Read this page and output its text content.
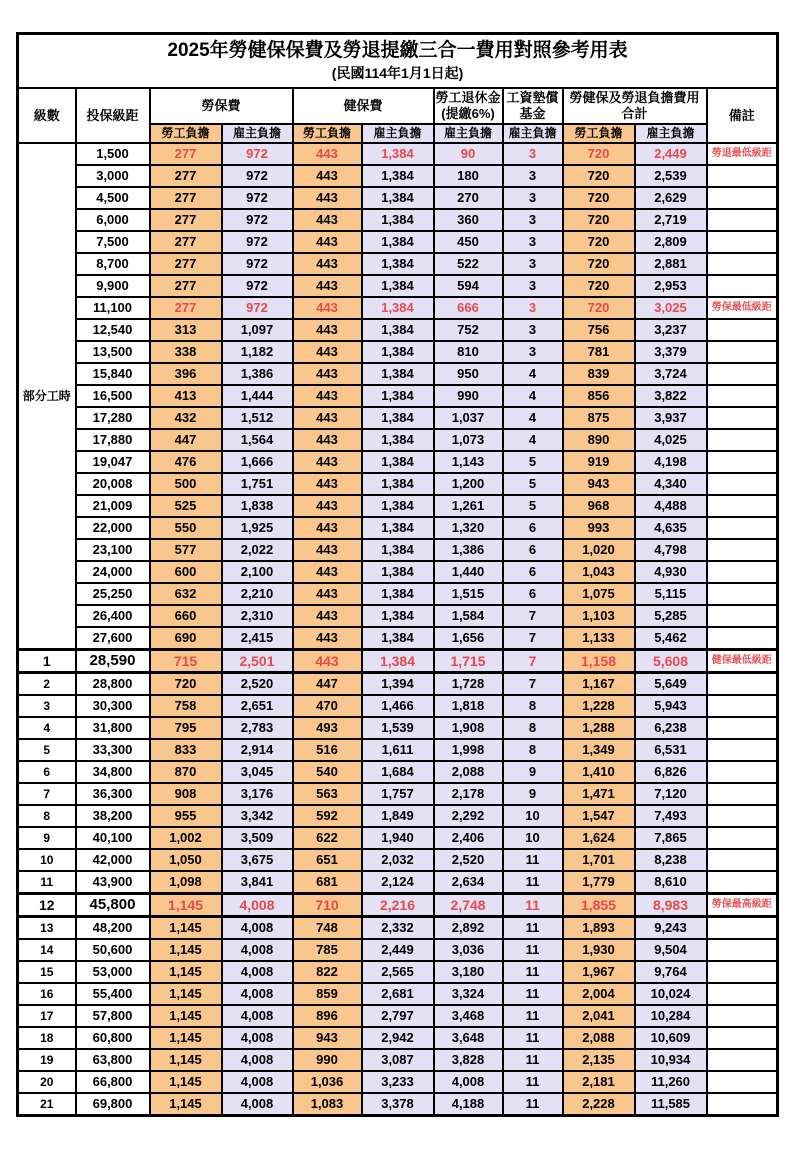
2025年勞健保保費及勞退提繳三合一費用對照參考用表
(民國114年1月1日起)										

級數	投保級距	勞保費		健保費		勞工退休金(提繳6%)	工資墊償基金	勞健保及勞退負擔費用合計		備註
		勞工負擔	雇主負擔	勞工負擔	雇主負擔	雇主負擔	雇主負擔	勞工負擔	雇主負擔	
部分工時	1,500	277	972	443	1,384	90	3	720	2,449	勞退最低級距
	3,000	277	972	443	1,384	180	3	720	2,539	
	4,500	277	972	443	1,384	270	3	720	2,629	
	6,000	277	972	443	1,384	360	3	720	2,719	
	7,500	277	972	443	1,384	450	3	720	2,809	
	8,700	277	972	443	1,384	522	3	720	2,881	
	9,900	277	972	443	1,384	594	3	720	2,953	
	11,100	277	972	443	1,384	666	3	720	3,025	勞保最低級距
	12,540	313	1,097	443	1,384	752	3	756	3,237	
	13,500	338	1,182	443	1,384	810	3	781	3,379	
	15,840	396	1,386	443	1,384	950	4	839	3,724	
	16,500	413	1,444	443	1,384	990	4	856	3,822	
	17,280	432	1,512	443	1,384	1,037	4	875	3,937	
	17,880	447	1,564	443	1,384	1,073	4	890	4,025	
	19,047	476	1,666	443	1,384	1,143	5	919	4,198	
	20,008	500	1,751	443	1,384	1,200	5	943	4,340	
	21,009	525	1,838	443	1,384	1,261	5	968	4,488	
	22,000	550	1,925	443	1,384	1,320	6	993	4,635	
	23,100	577	2,022	443	1,384	1,386	6	1,020	4,798	
	24,000	600	2,100	443	1,384	1,440	6	1,043	4,930	
	25,250	632	2,210	443	1,384	1,515	6	1,075	5,115	
	26,400	660	2,310	443	1,384	1,584	7	1,103	5,285	
	27,600	690	2,415	443	1,384	1,656	7	1,133	5,462	
1	28,590	715	2,501	443	1,384	1,715	7	1,158	5,608	健保最低級距
2	28,800	720	2,520	447	1,394	1,728	7	1,167	5,649	
3	30,300	758	2,651	470	1,466	1,818	8	1,228	5,943	
4	31,800	795	2,783	493	1,539	1,908	8	1,288	6,238	
5	33,300	833	2,914	516	1,611	1,998	8	1,349	6,531	
6	34,800	870	3,045	540	1,684	2,088	9	1,410	6,826	
7	36,300	908	3,176	563	1,757	2,178	9	1,471	7,120	
8	38,200	955	3,342	592	1,849	2,292	10	1,547	7,493	
9	40,100	1,002	3,509	622	1,940	2,406	10	1,624	7,865	
10	42,000	1,050	3,675	651	2,032	2,520	11	1,701	8,238	
11	43,900	1,098	3,841	681	2,124	2,634	11	1,779	8,610	
12	45,800	1,145	4,008	710	2,216	2,748	11	1,855	8,983	勞保最高級距
13	48,200	1,145	4,008	748	2,332	2,892	11	1,893	9,243	
14	50,600	1,145	4,008	785	2,449	3,036	11	1,930	9,504	
15	53,000	1,145	4,008	822	2,565	3,180	11	1,967	9,764	
16	55,400	1,145	4,008	859	2,681	3,324	11	2,004	10,024	
17	57,800	1,145	4,008	896	2,797	3,468	11	2,041	10,284	
18	60,800	1,145	4,008	943	2,942	3,648	11	2,088	10,609	
19	63,800	1,145	4,008	990	3,087	3,828	11	2,135	10,934	
20	66,800	1,145	4,008	1,036	3,233	4,008	11	2,181	11,260	
21	69,800	1,145	4,008	1,083	3,378	4,188	11	2,228	11,585	
